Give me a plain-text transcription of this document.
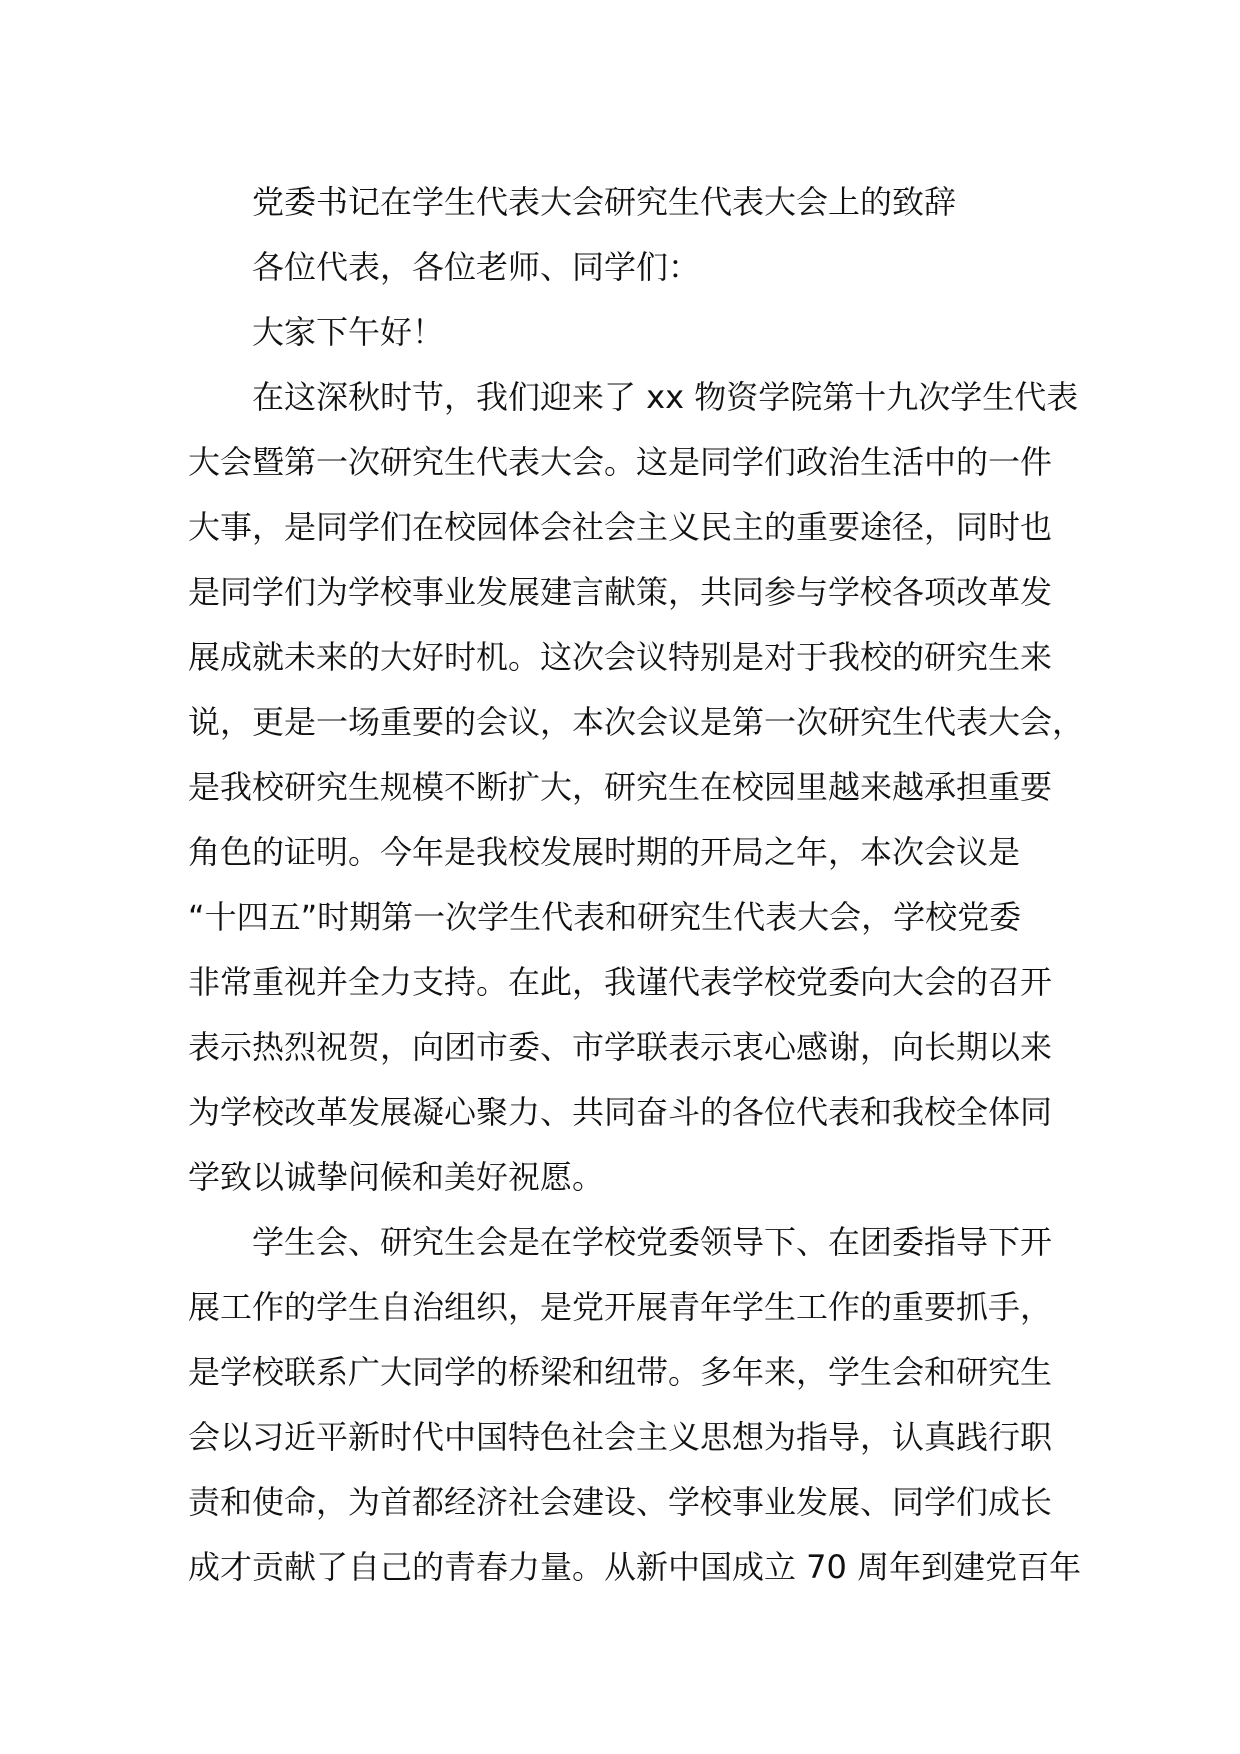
党委书记在学生代表大会研究生代表大会上的致辞
各位代表，各位老师、同学们：
大家下午好！
在这深秋时节，我们迎来了 xx 物资学院第十九次学生代表
大会暨第一次研究生代表大会。这是同学们政治生活中的一件
大事，是同学们在校园体会社会主义民主的重要途径，同时也
是同学们为学校事业发展建言献策，共同参与学校各项改革发
展成就未来的大好时机。这次会议特别是对于我校的研究生来
说，更是一场重要的会议，本次会议是第一次研究生代表大会，
是我校研究生规模不断扩大，研究生在校园里越来越承担重要
角色的证明。今年是我校发展时期的开局之年，本次会议是
“十四五”时期第一次学生代表和研究生代表大会，学校党委
非常重视并全力支持。在此，我谨代表学校党委向大会的召开
表示热烈祝贺，向团市委、市学联表示衷心感谢，向长期以来
为学校改革发展凝心聚力、共同奋斗的各位代表和我校全体同
学致以诚挚问候和美好祝愿。
学生会、研究生会是在学校党委领导下、在团委指导下开
展工作的学生自治组织，是党开展青年学生工作的重要抓手，
是学校联系广大同学的桥梁和纽带。多年来，学生会和研究生
会以习近平新时代中国特色社会主义思想为指导，认真践行职
责和使命，为首都经济社会建设、学校事业发展、同学们成长
成才贡献了自己的青春力量。从新中国成立 70 周年到建党百年
